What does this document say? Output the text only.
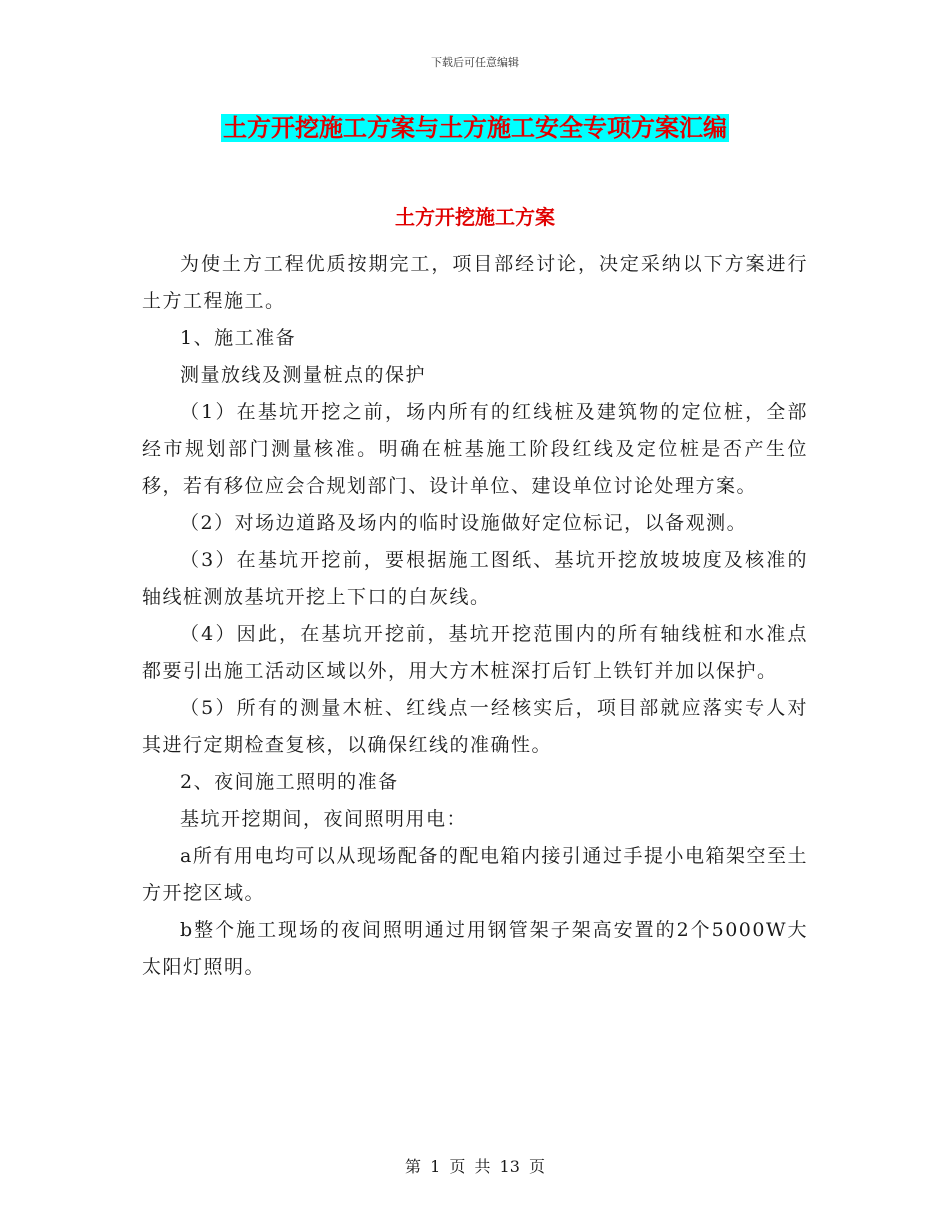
下载后可任意编辑
土方开挖施工方案与土方施工安全专项方案汇编
土方开挖施工方案

为使土方工程优质按期完工，项目部经讨论，决定采纳以下方案进行土方工程施工。

1、施工准备

测量放线及测量桩点的保护

（1）在基坑开挖之前，场内所有的红线桩及建筑物的定位桩，全部经市规划部门测量核准。明确在桩基施工阶段红线及定位桩是否产生位移，若有移位应会合规划部门、设计单位、建设单位讨论处理方案。

（2）对场边道路及场内的临时设施做好定位标记，以备观测。

（3）在基坑开挖前，要根据施工图纸、基坑开挖放坡坡度及核准的轴线桩测放基坑开挖上下口的白灰线。

（4）因此，在基坑开挖前，基坑开挖范围内的所有轴线桩和水准点都要引出施工活动区域以外，用大方木桩深打后钉上铁钉并加以保护。

（5）所有的测量木桩、红线点一经核实后，项目部就应落实专人对其进行定期检查复核，以确保红线的准确性。

2、夜间施工照明的准备

基坑开挖期间，夜间照明用电：

a所有用电均可以从现场配备的配电箱内接引通过手提小电箱架空至土方开挖区域。

b整个施工现场的夜间照明通过用钢管架子架高安置的2个5000W大太阳灯照明。

第 1 页 共 13 页
